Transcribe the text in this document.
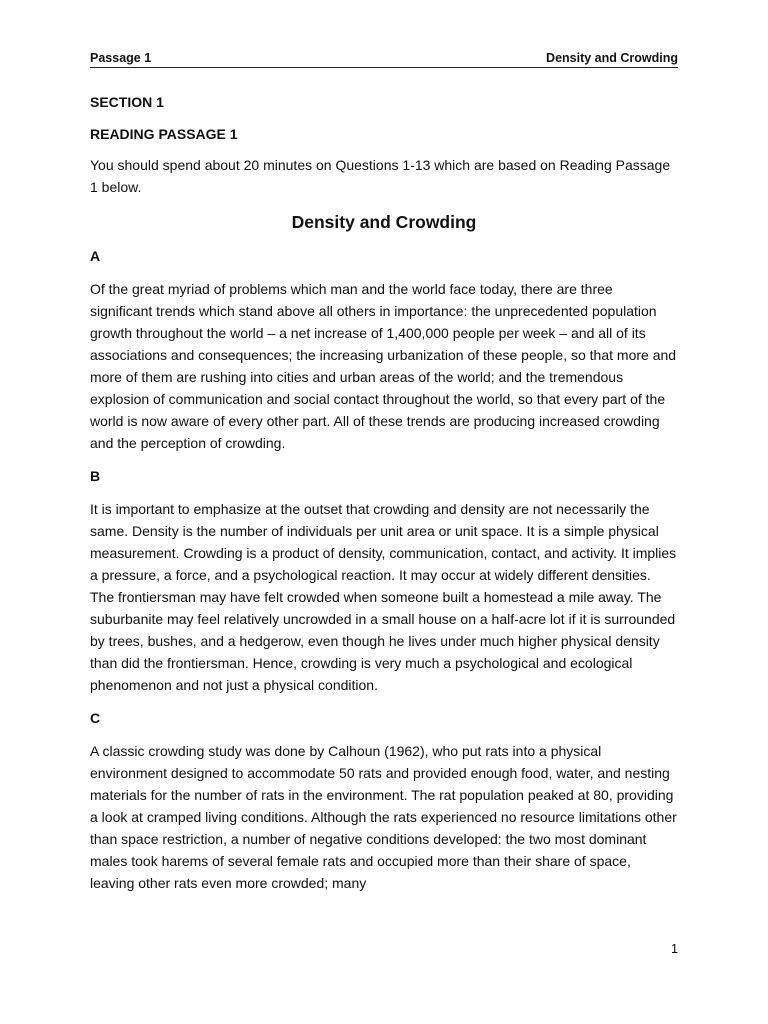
Passage 1	Density and Crowding

SECTION 1

READING PASSAGE 1

You should spend about 20 minutes on Questions 1-13 which are based on Reading Passage 1 below.

Density and Crowding

A

Of the great myriad of problems which man and the world face today, there are three significant trends which stand above all others in importance: the unprecedented population growth throughout the world – a net increase of 1,400,000 people per week – and all of its associations and consequences; the increasing urbanization of these people, so that more and more of them are rushing into cities and urban areas of the world; and the tremendous explosion of communication and social contact throughout the world, so that every part of the world is now aware of every other part. All of these trends are producing increased crowding and the perception of crowding.

B

It is important to emphasize at the outset that crowding and density are not necessarily the same. Density is the number of individuals per unit area or unit space. It is a simple physical measurement. Crowding is a product of density, communication, contact, and activity. It implies a pressure, a force, and a psychological reaction. It may occur at widely different densities. The frontiersman may have felt crowded when someone built a homestead a mile away. The suburbanite may feel relatively uncrowded in a small house on a half-acre lot if it is surrounded by trees, bushes, and a hedgerow, even though he lives under much higher physical density than did the frontiersman. Hence, crowding is very much a psychological and ecological phenomenon and not just a physical condition.

C

A classic crowding study was done by Calhoun (1962), who put rats into a physical environment designed to accommodate 50 rats and provided enough food, water, and nesting materials for the number of rats in the environment. The rat population peaked at 80, providing a look at cramped living conditions. Although the rats experienced no resource limitations other than space restriction, a number of negative conditions developed: the two most dominant males took harems of several female rats and occupied more than their share of space, leaving other rats even more crowded; many

1
